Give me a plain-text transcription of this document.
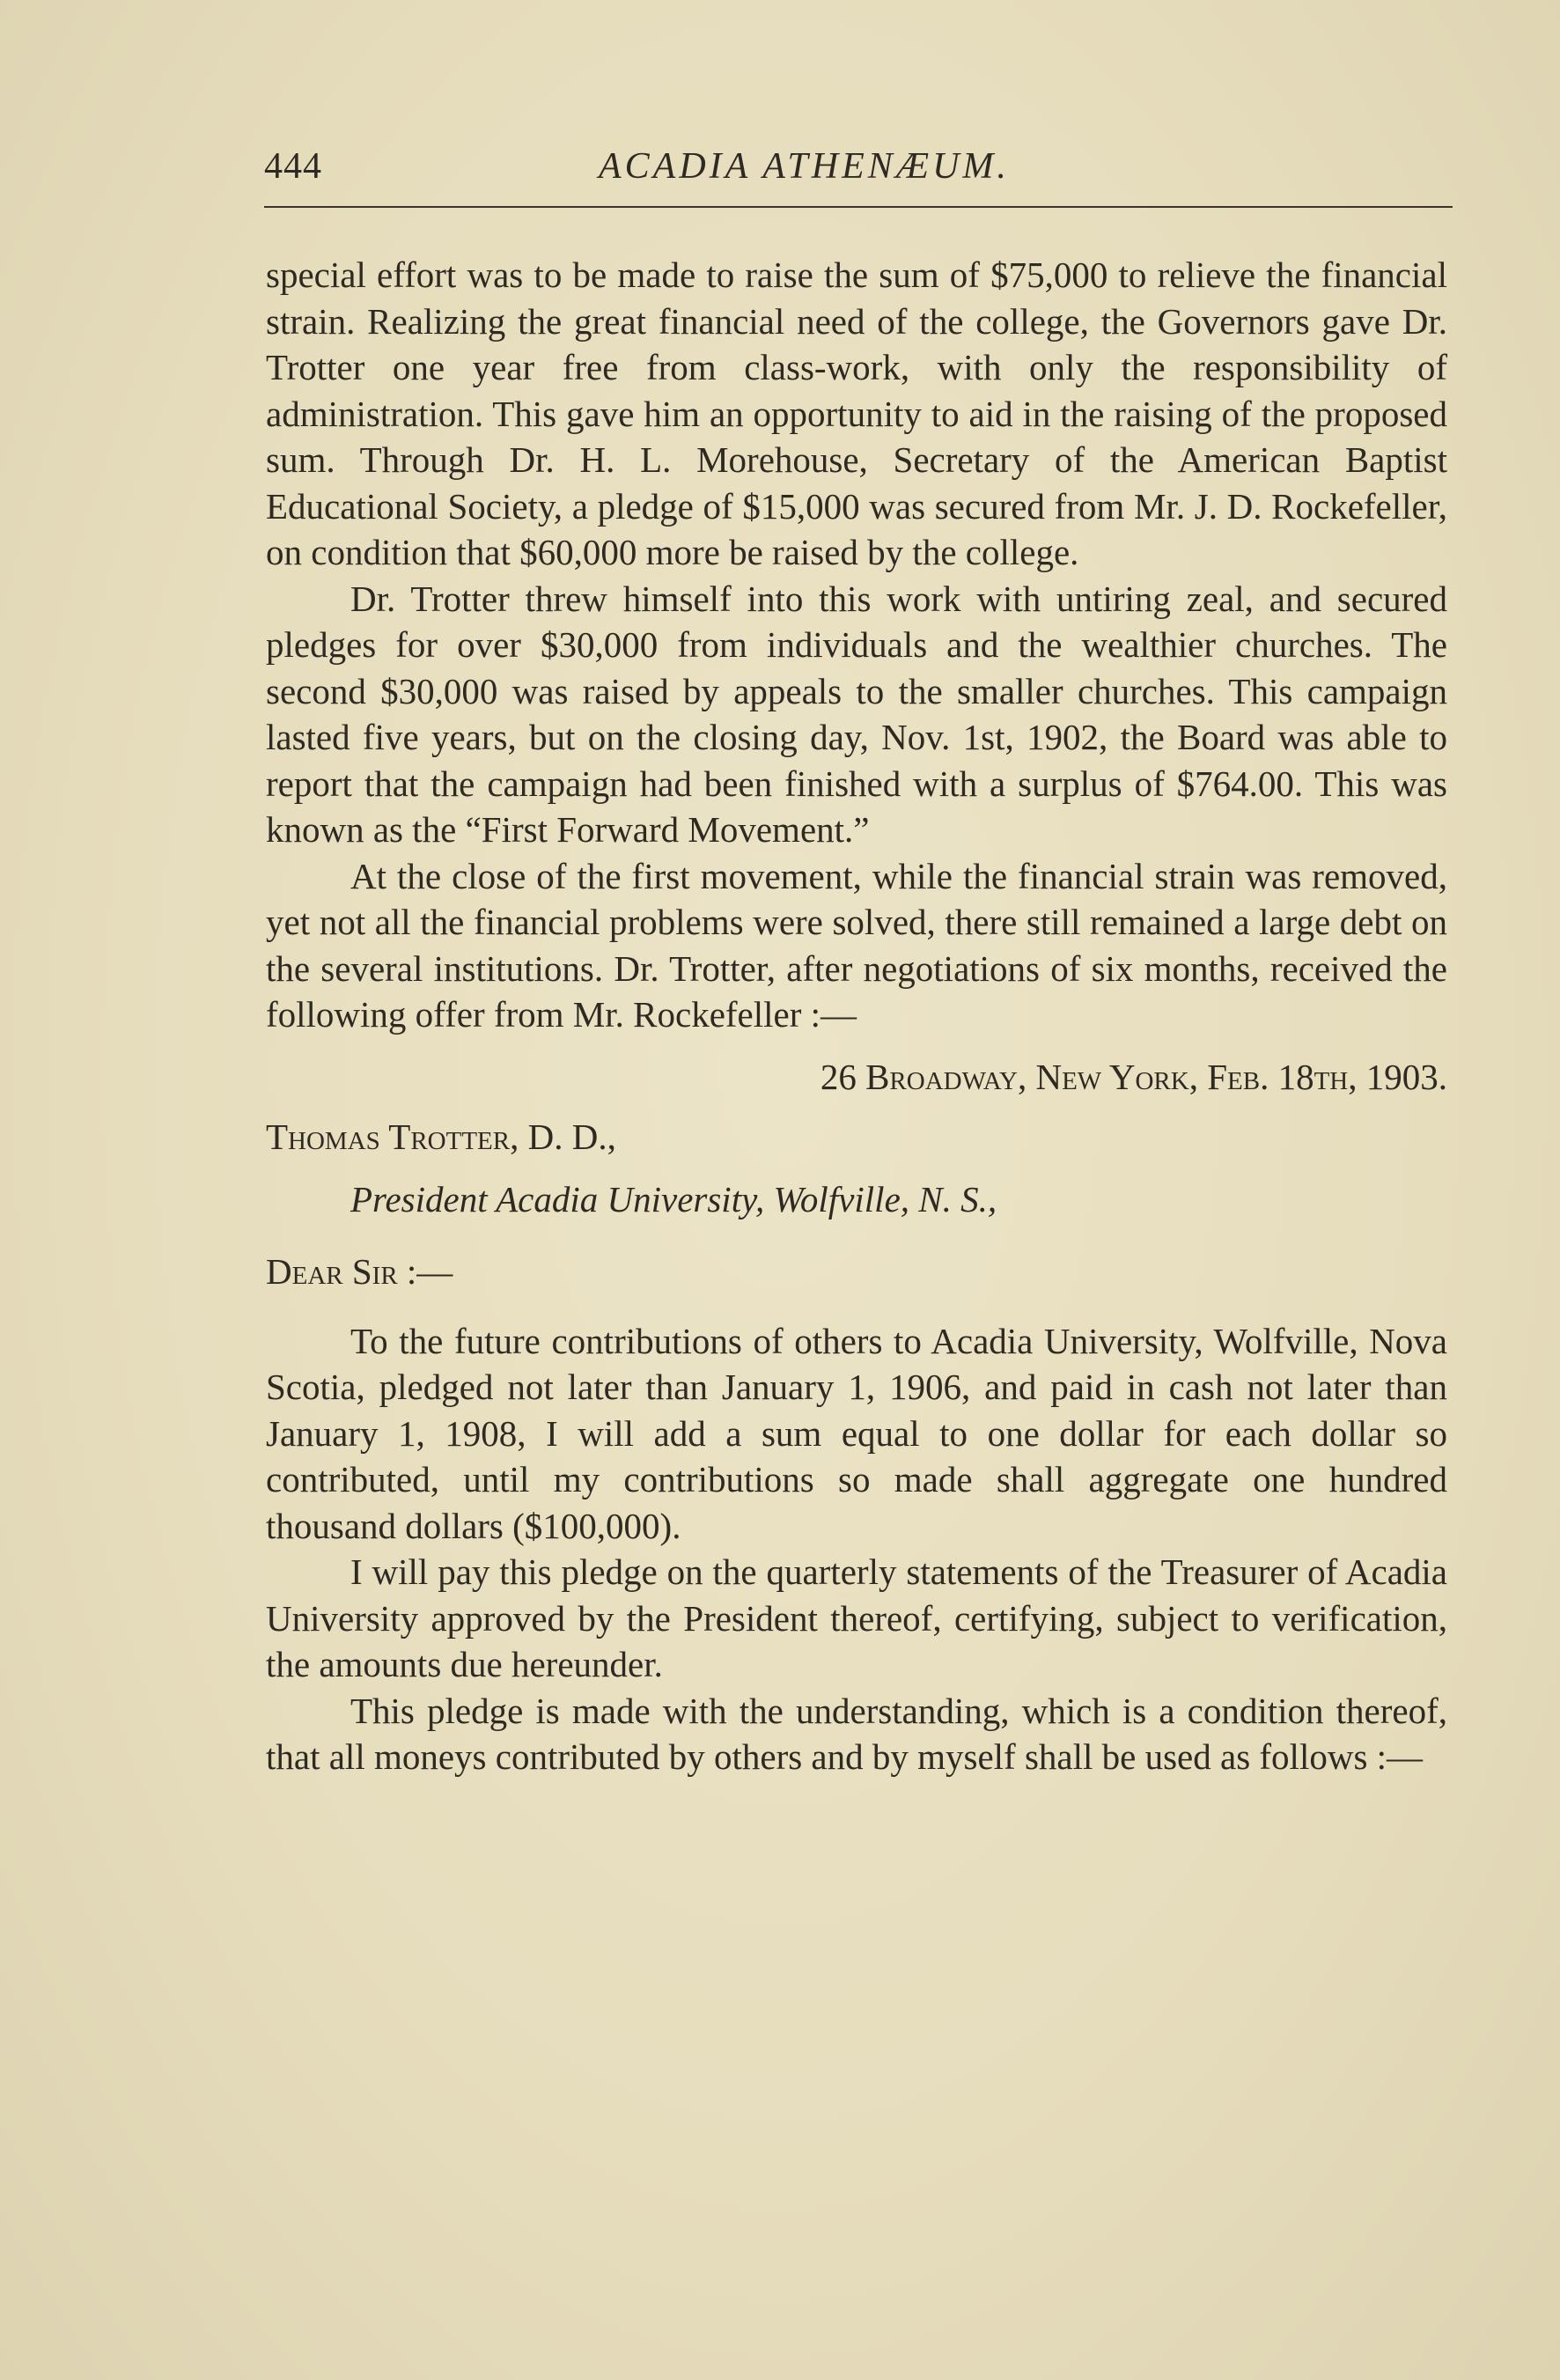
444	ACADIA ATHENÆUM.

special effort was to be made to raise the sum of $75,000 to relieve the financial strain. Realizing the great financial need of the college, the Governors gave Dr. Trotter one year free from class-work, with only the responsibility of administration. This gave him an opportunity to aid in the raising of the proposed sum. Through Dr. H. L. Morehouse, Secretary of the American Baptist Educational Society, a pledge of $15,000 was secured from Mr. J. D. Rockefeller, on condition that $60,000 more be raised by the college.

Dr. Trotter threw himself into this work with untiring zeal, and secured pledges for over $30,000 from individuals and the wealthier churches. The second $30,000 was raised by appeals to the smaller churches. This campaign lasted five years, but on the closing day, Nov. 1st, 1902, the Board was able to report that the campaign had been finished with a surplus of $764.00. This was known as the “First Forward Movement.”

At the close of the first movement, while the financial strain was removed, yet not all the financial problems were solved, there still remained a large debt on the several institutions. Dr. Trotter, after negotiations of six months, received the following offer from Mr. Rockefeller :—

26 Broadway, New York, Feb. 18th, 1903.

Thomas Trotter, D. D.,

President Acadia University, Wolfville, N. S.,

Dear Sir :—

To the future contributions of others to Acadia University, Wolfville, Nova Scotia, pledged not later than January 1, 1906, and paid in cash not later than January 1, 1908, I will add a sum equal to one dollar for each dollar so contributed, until my contributions so made shall aggregate one hundred thousand dollars ($100,000).

I will pay this pledge on the quarterly statements of the Treasurer of Acadia University approved by the President thereof, certifying, subject to verification, the amounts due hereunder.

This pledge is made with the understanding, which is a condition thereof, that all moneys contributed by others and by myself shall be used as follows :—
